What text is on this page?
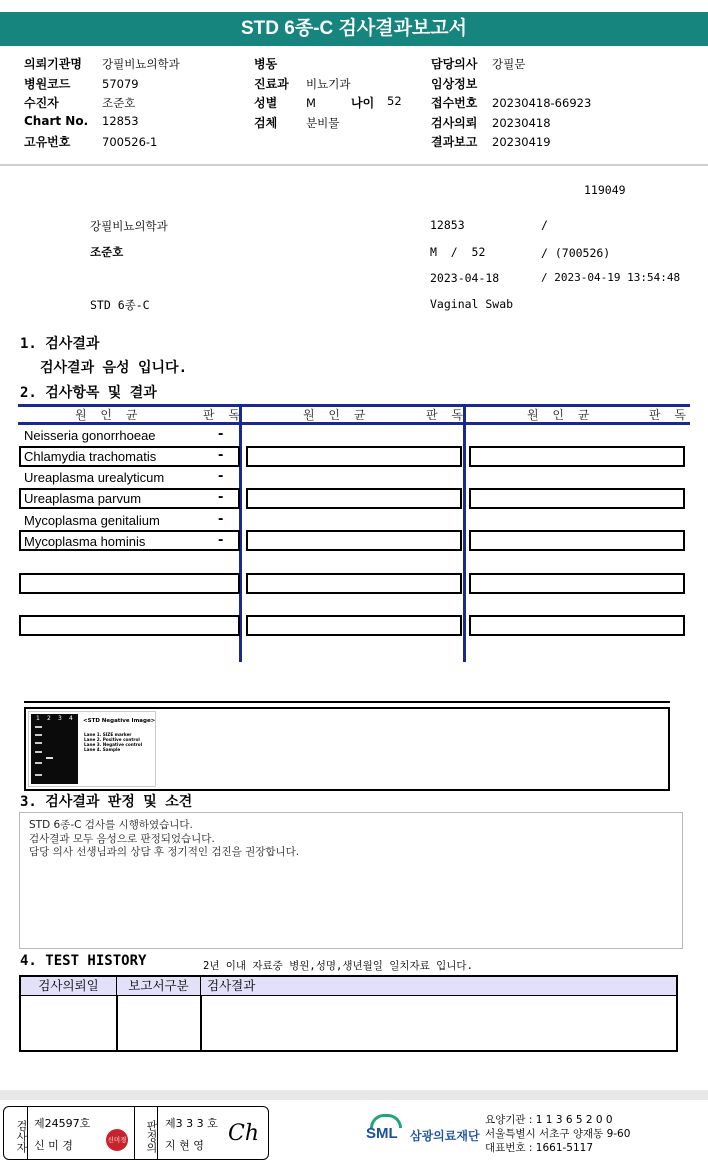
STD 6종-C 검사결과보고서
의뢰기관명 강필비뇨의학과
병원코드	57079
수진자	조준호
Chart No. 12853
고유번호	700526-1
병동
진료과 비뇨기과
성별	M	나이 52
검체	분비물
담당의사 강필문
임상정보
접수번호 20230418-66923
검사의뢰 20230418
결과보고 20230419
119049
강필비뇨의학과	12853	/
조준호	M  /  52	/ (700526)
2023-04-18	/ 2023-04-19 13:54:48
STD 6종-C	Vaginal Swab
1. 검사결과
검사결과 음성 입니다.
2. 검사항목 및 결과
원 인 균	판 독	원 인 균	판 독	원 인 균	판 독
Neisseria gonorrhoeae	-
Chlamydia trachomatis	-
Ureaplasma urealyticum	-
Ureaplasma parvum	-
Mycoplasma genitalium	-
Mycoplasma hominis	-
1 2 3 4 <STD Negative Image>
Lane 1. SIZE marker
Lane 2. Positive control
Lane 3. Negative control
Lane 4. Sample
3. 검사결과 판정 및 소견
STD 6종-C 검사를 시행하였습니다.
검사결과 모두 음성으로 판정되었습니다.
담당 의사 선생님과의 상담 후 정기적인 검진을 권장합니다.
4. TEST HISTORY	2년 이내 자료중 병원,성명,생년월일 일치자료 입니다.
검사의뢰일	보고서구분	검사결과
검사자 제24597호
신 미 경	신미경	판정의 제3 3 3 호
지 현 영 Ch	SML 삼광의료재단
요양기관 : 1 1 3 6 5 2 0 0
서울특별시 서초구 양재동 9-60
대표번호 : 1661-5117
